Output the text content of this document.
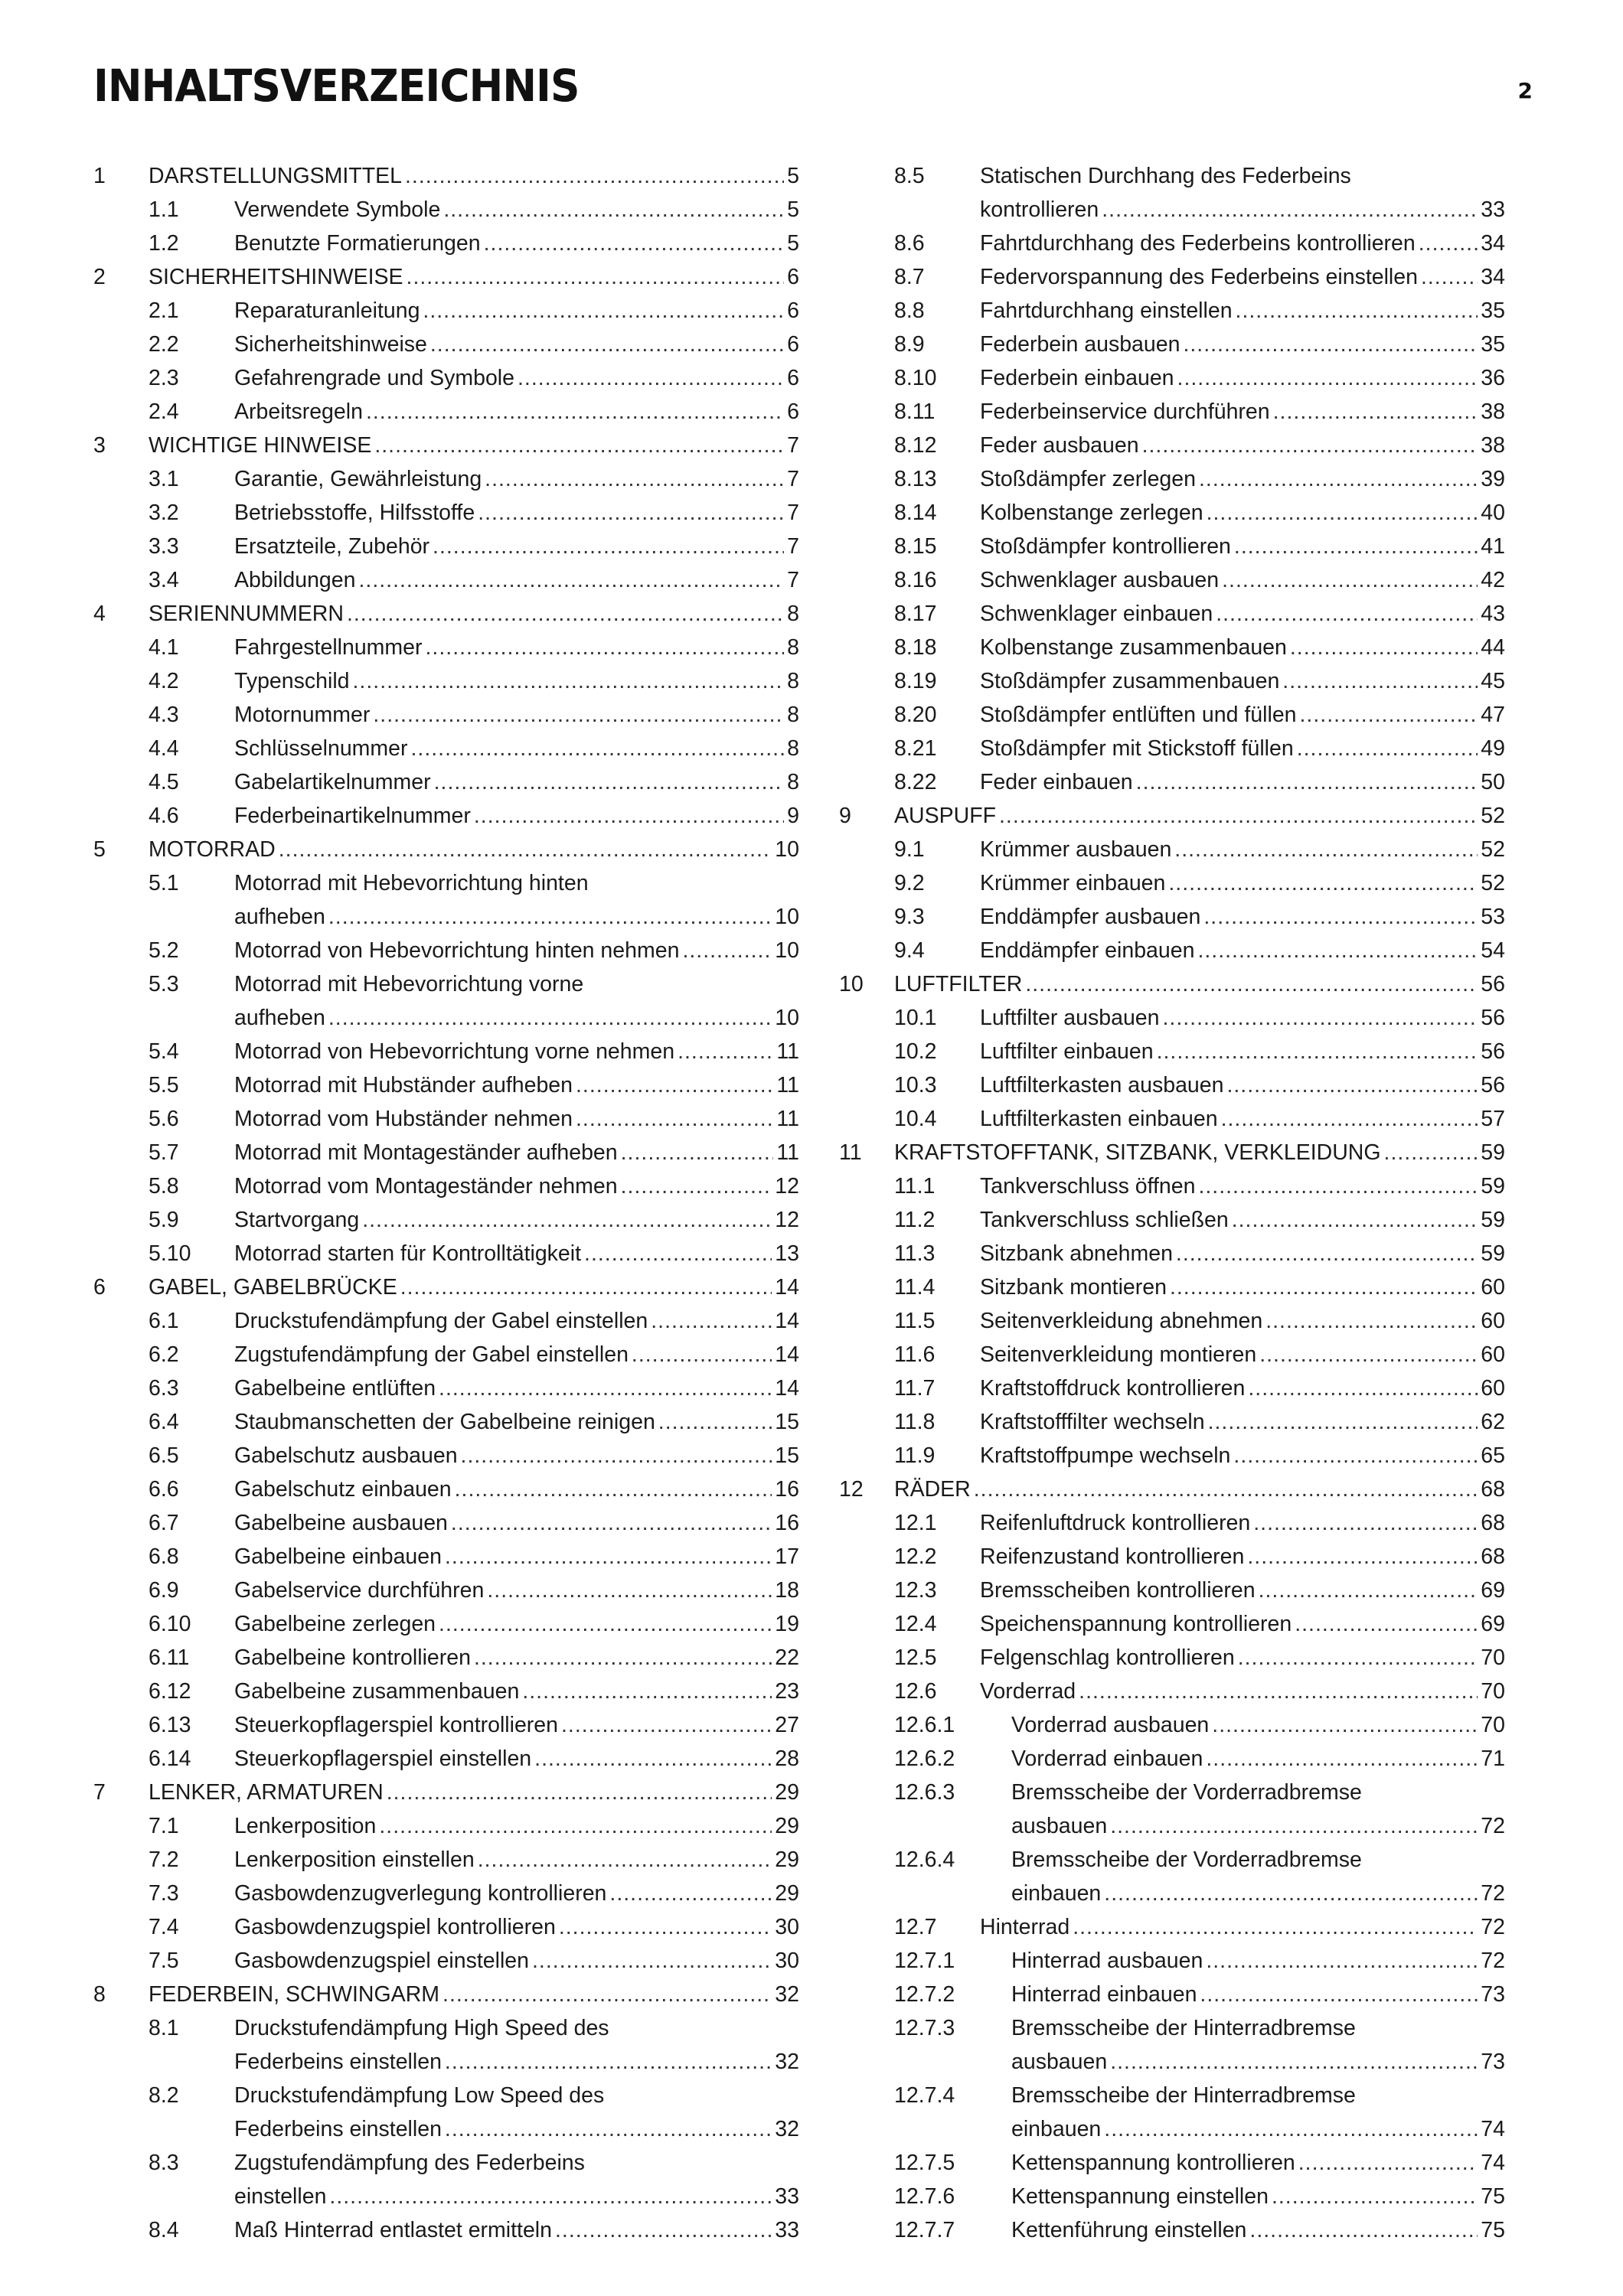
INHALTSVERZEICHNIS	2
1 DARSTELLUNGSMITTEL .....	5
1.1	Verwendete Symbole .....	5
1.2	Benutzte Formatierungen .....	5
2 SICHERHEITSHINWEISE .....	6
2.1	Reparaturanleitung .....	6
2.2	Sicherheitshinweise .....	6
2.3	Gefahrengrade und Symbole .....	6
2.4	Arbeitsregeln .....	6
3 WICHTIGE HINWEISE .....	7
3.1	Garantie, Gewährleistung .....	7
3.2	Betriebsstoffe, Hilfsstoffe .....	7
3.3	Ersatzteile, Zubehör .....	7
3.4	Abbildungen .....	7
4 SERIENNUMMERN .....	8
4.1	Fahrgestellnummer .....	8
4.2	Typenschild .....	8
4.3	Motornummer .....	8
4.4	Schlüsselnummer .....	8
4.5	Gabelartikelnummer .....	8
4.6	Federbeinartikelnummer .....	9
5 MOTORRAD .....	10
5.1	Motorrad mit Hebevorrichtung hinten
aufheben .....	10
5.2	Motorrad von Hebevorrichtung hinten nehmen .....	10
5.3	Motorrad mit Hebevorrichtung vorne
aufheben .....	10
5.4	Motorrad von Hebevorrichtung vorne nehmen .....	11
5.5	Motorrad mit Hubständer aufheben .....	11
5.6	Motorrad vom Hubständer nehmen .....	11
5.7	Motorrad mit Montageständer aufheben .....	11
5.8	Motorrad vom Montageständer nehmen .....	12
5.9	Startvorgang .....	12
5.10 Motorrad starten für Kontrolltätigkeit .....	13
6 GABEL, GABELBRÜCKE .....	14
6.1	Druckstufendämpfung der Gabel einstellen .....	14
6.2	Zugstufendämpfung der Gabel einstellen .....	14
6.3	Gabelbeine entlüften .....	14
6.4	Staubmanschetten der Gabelbeine reinigen .....	15
6.5	Gabelschutz ausbauen .....	15
6.6	Gabelschutz einbauen .....	16
6.7	Gabelbeine ausbauen .....	16
6.8	Gabelbeine einbauen .....	17
6.9	Gabelservice durchführen .....	18
6.10 Gabelbeine zerlegen .....	19
6.11 Gabelbeine kontrollieren .....	22
6.12 Gabelbeine zusammenbauen .....	23
6.13 Steuerkopflagerspiel kontrollieren .....	27
6.14 Steuerkopflagerspiel einstellen .....	28
7 LENKER, ARMATUREN .....	29
7.1	Lenkerposition .....	29
7.2	Lenkerposition einstellen .....	29
7.3	Gasbowdenzugverlegung kontrollieren .....	29
7.4	Gasbowdenzugspiel kontrollieren .....	30
7.5	Gasbowdenzugspiel einstellen .....	30
8 FEDERBEIN, SCHWINGARM .....	32
8.1	Druckstufendämpfung High Speed des
Federbeins einstellen .....	32
8.2	Druckstufendämpfung Low Speed des
Federbeins einstellen .....	32
8.3	Zugstufendämpfung des Federbeins
einstellen .....	33
8.4	Maß Hinterrad entlastet ermitteln .....	33
8.5	Statischen Durchhang des Federbeins
kontrollieren .....	33
8.6	Fahrtdurchhang des Federbeins kontrollieren .....	34
8.7	Federvorspannung des Federbeins einstellen .....	34
8.8	Fahrtdurchhang einstellen .....	35
8.9	Federbein ausbauen .....	35
8.10 Federbein einbauen .....	36
8.11 Federbeinservice durchführen .....	38
8.12 Feder ausbauen .....	38
8.13 Stoßdämpfer zerlegen .....	39
8.14 Kolbenstange zerlegen .....	40
8.15 Stoßdämpfer kontrollieren .....	41
8.16 Schwenklager ausbauen .....	42
8.17 Schwenklager einbauen .....	43
8.18 Kolbenstange zusammenbauen .....	44
8.19 Stoßdämpfer zusammenbauen .....	45
8.20 Stoßdämpfer entlüften und füllen .....	47
8.21 Stoßdämpfer mit Stickstoff füllen .....	49
8.22 Feder einbauen .....	50
9 AUSPUFF .....	52
9.1	Krümmer ausbauen .....	52
9.2	Krümmer einbauen .....	52
9.3	Enddämpfer ausbauen .....	53
9.4	Enddämpfer einbauen .....	54
10 LUFTFILTER .....	56
10.1 Luftfilter ausbauen .....	56
10.2 Luftfilter einbauen .....	56
10.3 Luftfilterkasten ausbauen .....	56
10.4 Luftfilterkasten einbauen .....	57
11 KRAFTSTOFFTANK, SITZBANK, VERKLEIDUNG .....	59
11.1 Tankverschluss öffnen .....	59
11.2 Tankverschluss schließen .....	59
11.3 Sitzbank abnehmen .....	59
11.4 Sitzbank montieren .....	60
11.5 Seitenverkleidung abnehmen .....	60
11.6 Seitenverkleidung montieren .....	60
11.7 Kraftstoffdruck kontrollieren .....	60
11.8 Kraftstofffilter wechseln .....	62
11.9 Kraftstoffpumpe wechseln .....	65
12 RÄDER .....	68
12.1 Reifenluftdruck kontrollieren .....	68
12.2 Reifenzustand kontrollieren .....	68
12.3 Bremsscheiben kontrollieren .....	69
12.4 Speichenspannung kontrollieren .....	69
12.5 Felgenschlag kontrollieren .....	70
12.6 Vorderrad .....	70
12.6.1	Vorderrad ausbauen .....	70
12.6.2	Vorderrad einbauen .....	71
12.6.3	Bremsscheibe der Vorderradbremse
ausbauen .....	72
12.6.4	Bremsscheibe der Vorderradbremse
einbauen .....	72
12.7 Hinterrad .....	72
12.7.1	Hinterrad ausbauen .....	72
12.7.2	Hinterrad einbauen .....	73
12.7.3	Bremsscheibe der Hinterradbremse
ausbauen .....	73
12.7.4	Bremsscheibe der Hinterradbremse
einbauen .....	74
12.7.5	Kettenspannung kontrollieren .....	74
12.7.6	Kettenspannung einstellen .....	75
12.7.7	Kettenführung einstellen .....	75
